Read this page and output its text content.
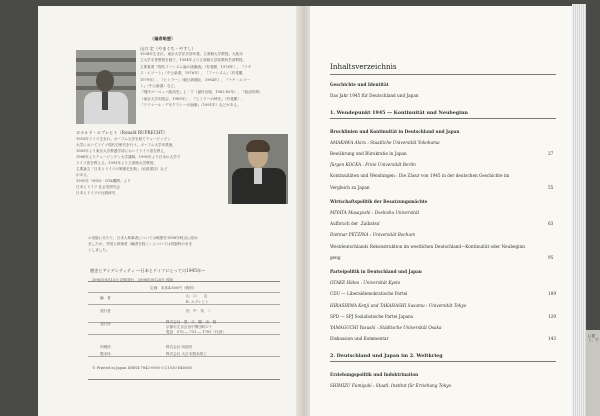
〈編者略歴〉
山口 定（やまぐち・やすし）
1934年生まれ。東京大学法学部卒業。立命館大学教授。大阪市
立大学名誉教授を経て，1994年より立命館大学政策科学部教授。
主要著書『現代ファシズム論の諸潮流』（有斐閣，1976年），『ナチ
ス・エリート』（中公新書，1976年），『ファシズム』（有斐閣，
1979年），『ヒトラー』（朝日新聞社，1984年），『ナチ・エリー
ト』（中公新書）など。
『現代ヨーロッパ政治史』上・下（福村出版，1982-83年），『政治体制',
（東京大学出版会，1989年），『ヒトラーの時代』（有斐閣），
『ワイマール・デモクラシーの崩壊』（1991年）などがある。
ロナルド・ルプレヒト（Ronald RUPRECHT）
1953年ドイツ生まれ。ボーフム大学を経てテュービンゲン
大学においてドイツ現代史研究を行う。ボーフム大学卒業後，
1983年より東京大学教養学部においてドイツ語を教え，
1988年よりテュービンゲン大学講師，1990年より日本の大学で
ドイツ語を教える。1993年より立命館大学教授。
主要論文「日本とドイツの戦後史比較」（岩波書店）など
がある。
1991年「NGO・OTA機関」より
日本とドイツ 社会史研究会
日本とドイツの比較研究
＊再版にあたり，日本人執筆者については略歴を1998年時点に改め
ましたが，外国人執筆者（編者を除く）については初版時のまま
としました。
歴史とアイデンティティ ―日本とドイツにとっての1945年―
1995年9月15日 初版発行　1998年9月25日 再版
定価：本体4,600円（税別）
編　者	山　口　　定
R. ルプレヒト
発行者	田　中　英　二
発行所	株式会社　思　文　閣　出　版
京都市左京区田中関田町2-7
電話　075 ― 751 ― 1781（代表）
印刷所	株式会社 同朋舎
製本所	株式会社 大日本製本紙工
© Printed in Japan ISBN4-7842-0900-3 C1030 ¥4600E
Inhaltsverzeichnis
Geschichte und Identität
Das Jahr 1945 für Deutschland und Japan
1. Wendepunkt 1945 ― Kontinuität und Neubeginn
Bruchlinien und Kontinuität in Deutschland und Japan
AMAKAWA Akira : Staatliche Universität Yokohama
Bewährung und Bürokratie in Japan	27
Jürgen KOCKA : Freie Universität Berlin
Kontinuitäten und Wendungen : Die Zäsur von 1945 in der deutschen Geschichte im
Vergleich zu Japan	55
Wirtschaftspolitik der Besatzungsmächte
MIYATA Masayoshi : Doshisha Universität
Aufbruch der ‚Zaibatsu'	63
Dietmar PETZINA : Universität Bochum
Westdeutschlands Rekonstruktion im westlichen Deutschland―Kontinuität oder Neubeginn
geng	95
Parteipolitik in Deutschland und Japan
OTAKE Hideo : Universität Kyoto
CDU ― Liberaldemokratische Partei	109
HIRASHIMA Kenji und TAKAHASHI Susumu : Universität Tokyo
SPD ― SPJ Sozialistische Partei Japans	129
YAMAGUCHI Yasushi : Städtische Universität Osaka
Diskussion und Kommentar	143
2. Deutschland und Japan im 2. Weltkrieg
Erziehungspolitik und Indoktrination
SHIMIZU Fumiyuki : Staatl. Institut für Erziehung Tokyo
に従く、で
